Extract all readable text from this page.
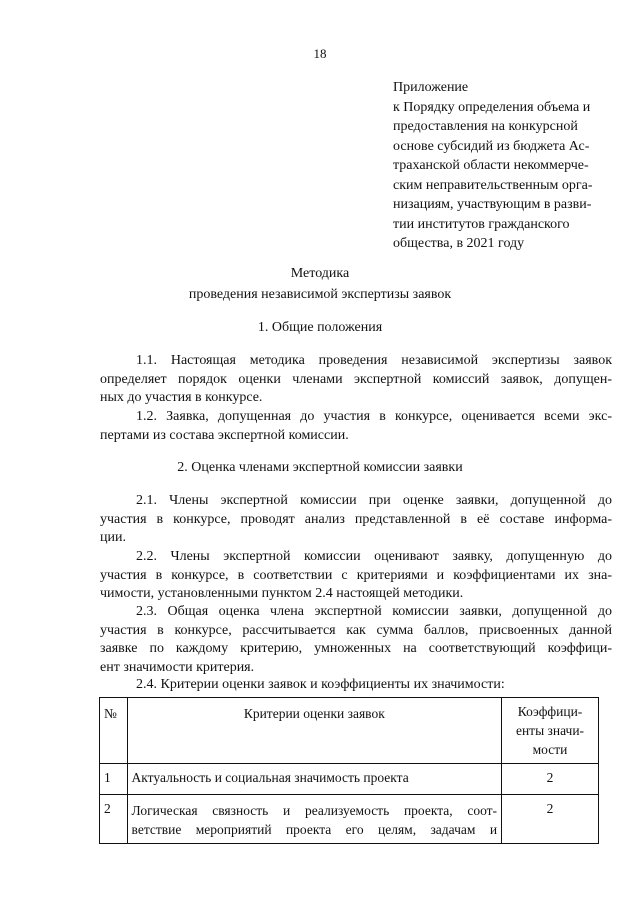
18
Приложение
к Порядку определения объема и
предоставления на конкурсной
основе субсидий из бюджета Ас-
траханской области некоммерче-
ским неправительственным орга-
низациям, участвующим в разви-
тии институтов гражданского
общества, в 2021 году
Методика
проведения независимой экспертизы заявок
1. Общие положения
1.1. Настоящая методика проведения независимой экспертизы заявок
определяет порядок оценки членами экспертной комиссий заявок, допущен-
ных до участия в конкурсе.
1.2. Заявка, допущенная до участия в конкурсе, оценивается всеми экс-
пертами из состава экспертной комиссии.
2. Оценка членами экспертной комиссии заявки
2.1. Члены экспертной комиссии при оценке заявки, допущенной до
участия в конкурсе, проводят анализ представленной в её составе информа-
ции.
2.2. Члены экспертной комиссии оценивают заявку, допущенную до
участия в конкурсе, в соответствии с критериями и коэффициентами их зна-
чимости, установленными пунктом 2.4 настоящей методики.
2.3. Общая оценка члена экспертной комиссии заявки, допущенной до
участия в конкурсе, рассчитывается как сумма баллов, присвоенных данной
заявке по каждому критерию, умноженных на соответствующий коэффици-
ент значимости критерия.
2.4. Критерии оценки заявок и коэффициенты их значимости:
№	Критерии оценки заявок	Коэффици-
енты значи-
мости

1	Актуальность и социальная значимость проекта	2
2	Логическая связность и реализуемость проекта, соот-
ветствие мероприятий проекта его целям, задачам и	2
